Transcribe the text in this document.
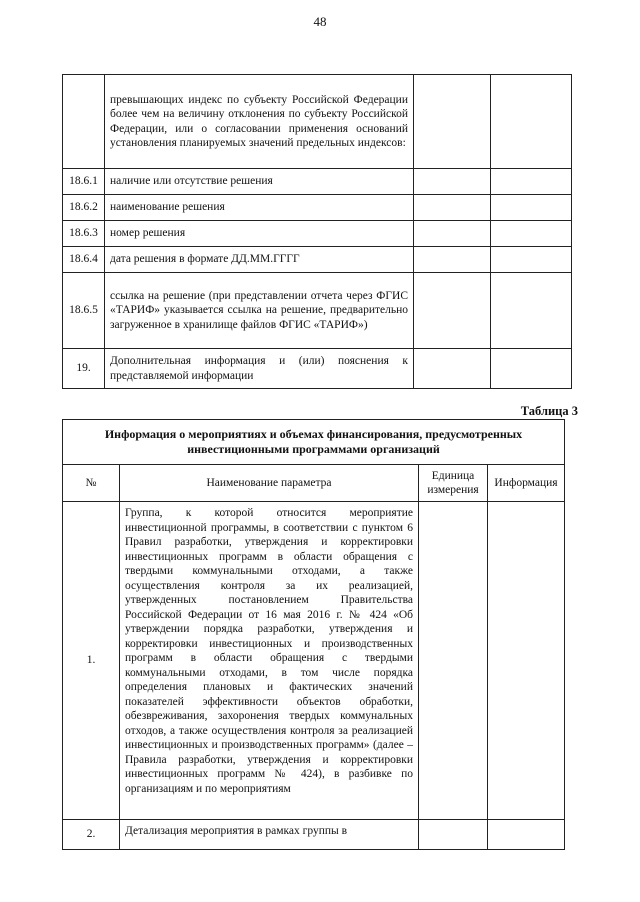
48
	превышающих индекс по субъекту Российской Федерации более чем на величину отклонения по субъекту Российской Федерации, или о согласовании применения оснований установления планируемых значений предельных индексов:		
18.6.1	наличие или отсутствие решения		
18.6.2	наименование решения		
18.6.3	номер решения		
18.6.4	дата решения в формате ДД.ММ.ГГГГ		
18.6.5	ссылка на решение (при представлении отчета через ФГИС «ТАРИФ» указывается ссылка на решение, предварительно загруженное в хранилище файлов ФГИС «ТАРИФ»)		
19.	Дополнительная информация и (или) пояснения к представляемой информации		
Таблица 3
Информация о мероприятиях и объемах финансирования, предусмотренных инвестиционными программами организаций			
№	Наименование параметра	Единица измерения	Информация
1.	Группа, к которой относится мероприятие инвестиционной программы, в соответствии с пунктом 6 Правил разработки, утверждения и корректировки инвестиционных программ в области обращения с твердыми коммунальными отходами, а также осуществления контроля за их реализацией, утвержденных постановлением Правительства Российской Федерации от 16 мая 2016 г. № 424 «Об утверждении порядка разработки, утверждения и корректировки инвестиционных и производственных программ в области обращения с твердыми коммунальными отходами, в том числе порядка определения плановых и фактических значений показателей эффективности объектов обработки, обезвреживания, захоронения твердых коммунальных отходов, а также осуществления контроля за реализацией инвестиционных и производственных программ» (далее – Правила разработки, утверждения и корректировки инвестиционных программ № 424), в разбивке по организациям и по мероприятиям		
2.	Детализация мероприятия в рамках группы в		
